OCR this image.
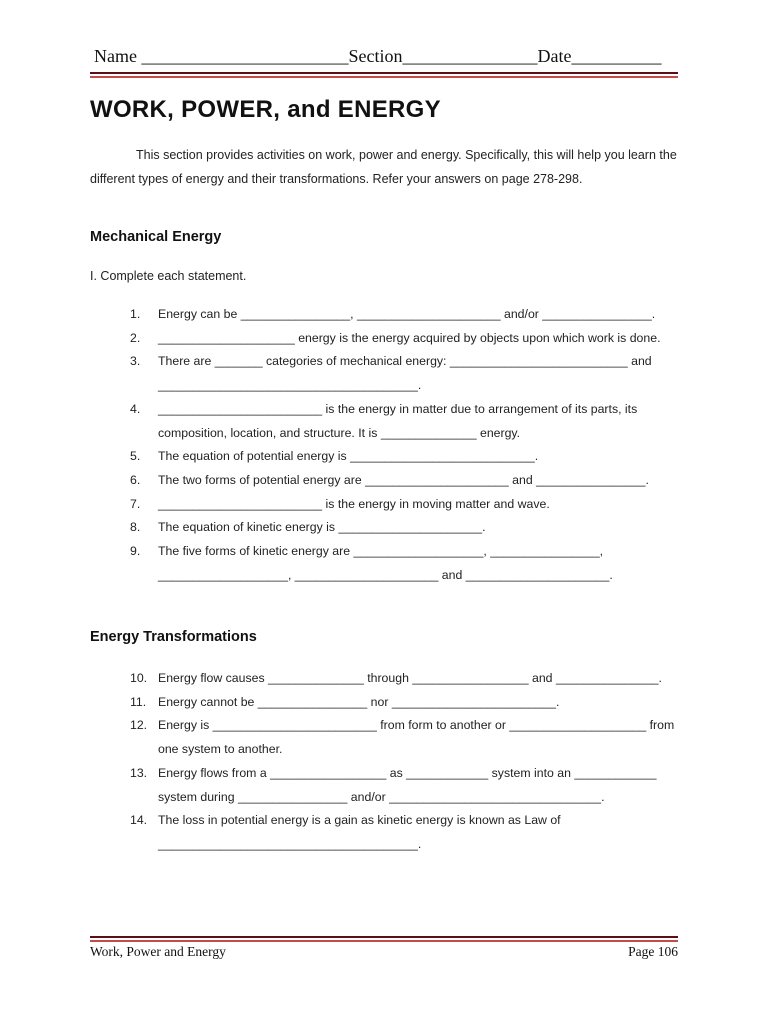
Name _______________________Section_______________Date__________
WORK, POWER, and ENERGY

This section provides activities on work, power and energy. Specifically, this will help you learn the different types of energy and their transformations. Refer your answers on page 278-298.

Mechanical Energy
I. Complete each statement.
1. Energy can be ________________, _____________________ and/or ________________.
2. ____________________ energy is the energy acquired by objects upon which work is done.
3. There are _______ categories of mechanical energy: __________________________ and ______________________________________.
4. ________________________ is the energy in matter due to arrangement of its parts, its composition, location, and structure. It is ______________ energy.
5. The equation of potential energy is ___________________________.
6. The two forms of potential energy are _____________________ and ________________.
7. ________________________ is the energy in moving matter and wave.
8. The equation of kinetic energy is _____________________.
9. The five forms of kinetic energy are ___________________, ________________, ___________________, _____________________ and _____________________.
Energy Transformations
10. Energy flow causes ______________ through _________________ and _______________.
11. Energy cannot be ________________ nor ________________________.
12. Energy is ________________________ from form to another or ____________________ from one system to another.
13. Energy flows from a _________________ as ____________ system into an ____________ system during ________________ and/or _______________________________.
14. The loss in potential energy is a gain as kinetic energy is known as Law of ______________________________________.
Work, Power and Energy	Page 106
